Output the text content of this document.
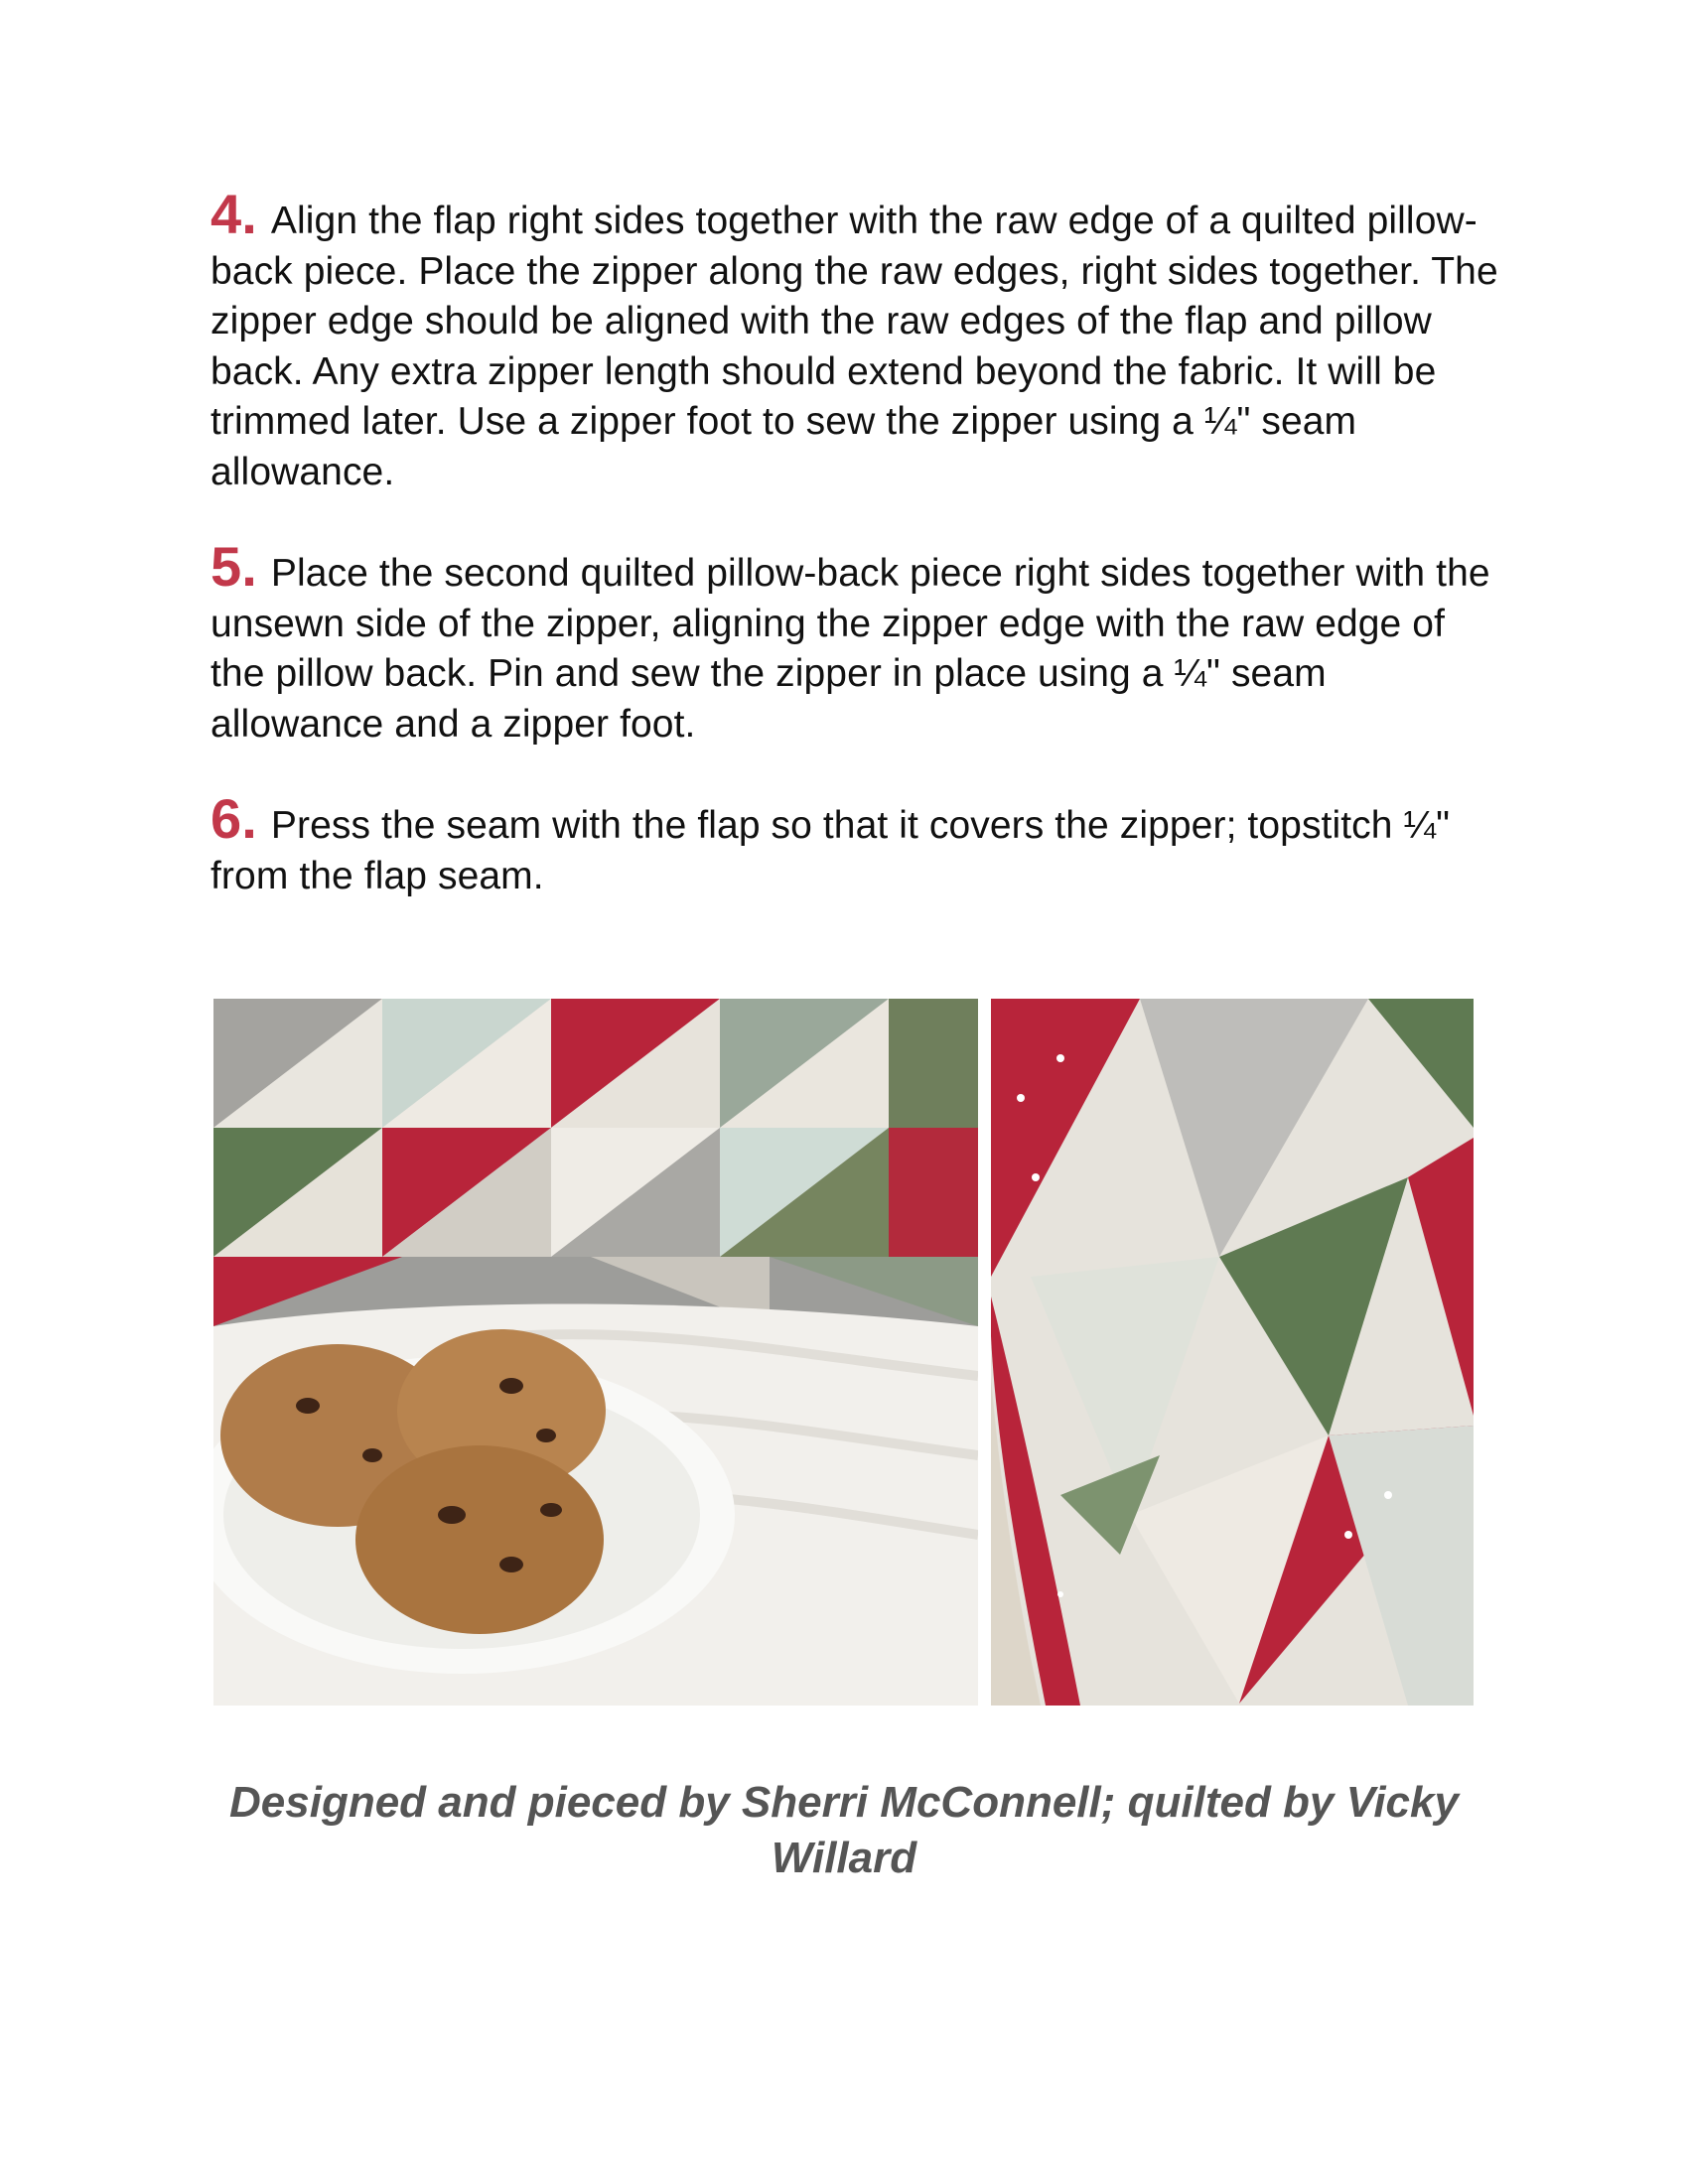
4. Align the flap right sides together with the raw edge of a quilted pillow-back piece. Place the zipper along the raw edges, right sides together. The zipper edge should be aligned with the raw edges of the flap and pillow back. Any extra zipper length should extend beyond the fabric. It will be trimmed later. Use a zipper foot to sew the zipper using a ¼" seam allowance.

5. Place the second quilted pillow-back piece right sides together with the unsewn side of the zipper, aligning the zipper edge with the raw edge of the pillow back. Pin and sew the zipper in place using a ¼" seam allowance and a zipper foot.

6. Press the seam with the flap so that it covers the zipper; topstitch ¼" from the flap seam.

Designed and pieced by Sherri McConnell; quilted by Vicky Willard
